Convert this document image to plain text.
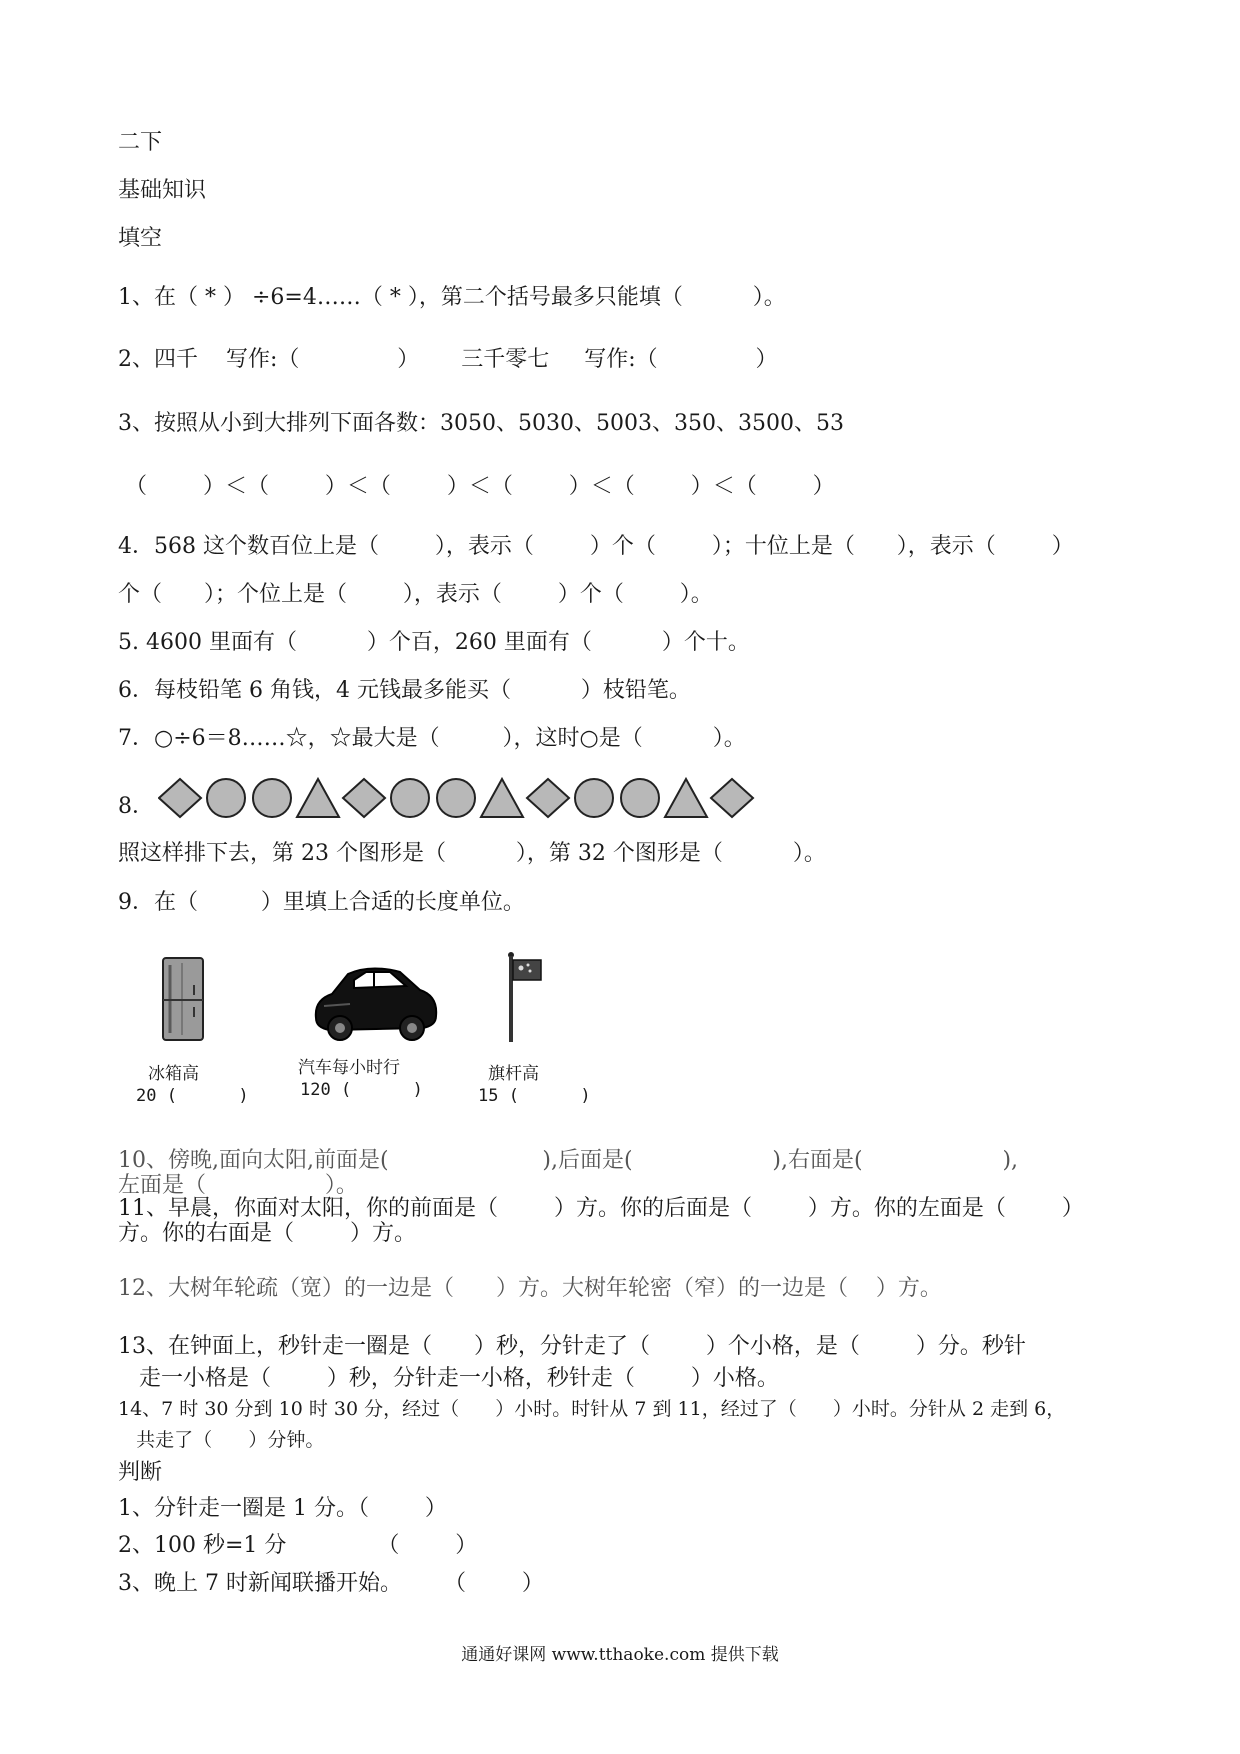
二下
基础知识
填空
1、在（ * ） ÷6=4……（ * ），第二个括号最多只能填（          ）。
2、四千    写作:（              ）      三千零七     写作:（              ）
3、按照从小到大排列下面各数：3050、5030、5003、350、3500、53
（        ）＜（        ）＜（        ）＜（        ）＜（        ）＜（        ）
4．568 这个数百位上是（        ），表示（        ）个（        ）；十位上是（      ），表示（        ）
个（      ）；个位上是（        ），表示（        ）个（        ）。
5. 4600 里面有（          ）个百，260 里面有（          ）个十。
6．每枝铅笔 6 角钱，4 元钱最多能买（          ）枝铅笔。
7．○÷6＝8……☆，☆最大是（         ），这时○是（          ）。
8．
照这样排下去，第 23 个图形是（          ），第 32 个图形是（          ）。
9．在（         ）里填上合适的长度单位。
冰箱高
20 (      )
汽车每小时行
120 (      )
旗杆高
15 (      )
10、傍晚,面向太阳,前面是(                      ),后面是(                    ),右面是(                    ),
左面是（                 ）。
11、早晨，你面对太阳，你的前面是（        ）方。你的后面是（        ）方。你的左面是（        ）
方。你的右面是（        ）方。
12、大树年轮疏（宽）的一边是（      ）方。大树年轮密（窄）的一边是（    ）方。
13、在钟面上，秒针走一圈是（      ）秒，分针走了（        ）个小格，是（        ）分。秒针
走一小格是（        ）秒，分针走一小格，秒针走（        ）小格。
14、7 时 30 分到 10 时 30 分，经过（      ）小时。时针从 7 到 11，经过了（      ）小时。分针从 2 走到 6，
共走了（      ）分钟。
判断
1、分针走一圈是 1 分。（        ）
2、100 秒=1 分             （        ）
3、晚上 7 时新闻联播开始。      （        ）
通通好课网 www.tthaoke.com 提供下载
